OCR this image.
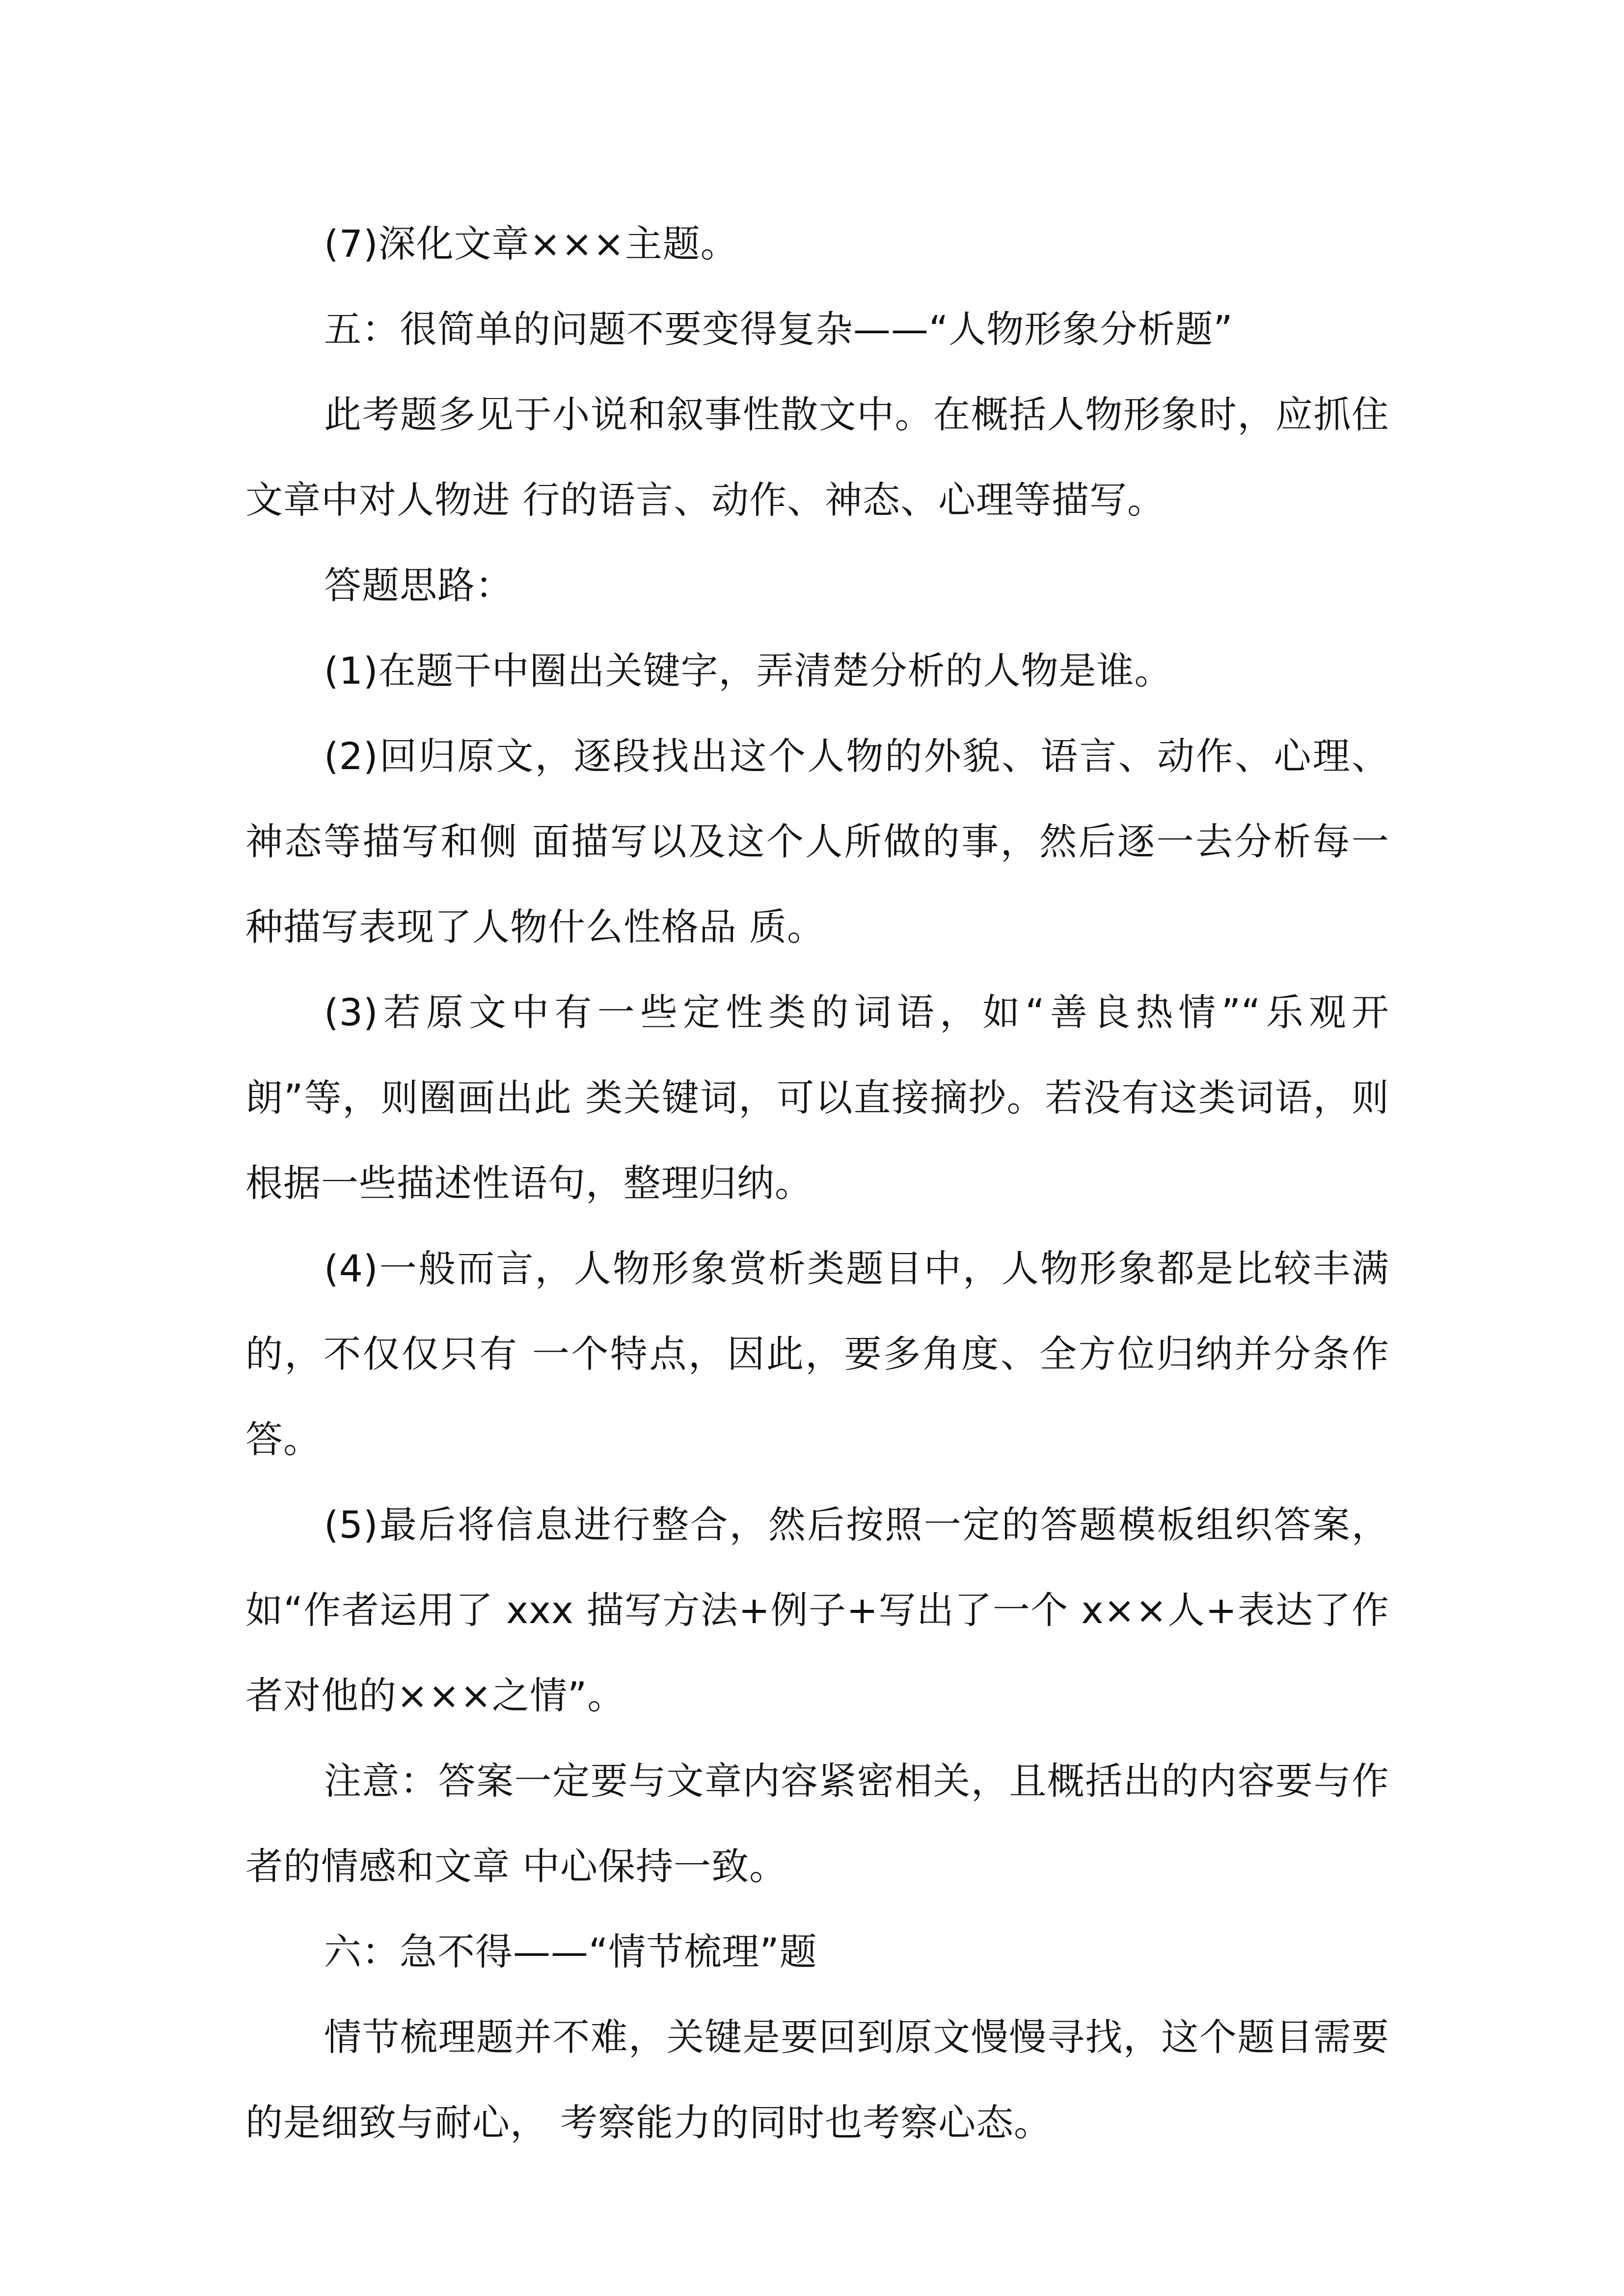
(7)深化文章×××主题。

五：很简单的问题不要变得复杂——“人物形象分析题”

此考题多见于小说和叙事性散文中。在概括人物形象时，应抓住文章中对人物进 行的语言、动作、神态、心理等描写。

答题思路：

(1)在题干中圈出关键字，弄清楚分析的人物是谁。

(2)回归原文，逐段找出这个人物的外貌、语言、动作、心理、神态等描写和侧 面描写以及这个人所做的事，然后逐一去分析每一种描写表现了人物什么性格品 质。

(3)若原文中有一些定性类的词语，如“善良热情”“乐观开朗”等，则圈画出此 类关键词，可以直接摘抄。若没有这类词语，则根据一些描述性语句，整理归纳。

(4)一般而言，人物形象赏析类题目中，人物形象都是比较丰满的，不仅仅只有 一个特点，因此，要多角度、全方位归纳并分条作答。

(5)最后将信息进行整合，然后按照一定的答题模板组织答案，如“作者运用了 xxx 描写方法+例子+写出了一个 x××人+表达了作者对他的×××之情”。

注意：答案一定要与文章内容紧密相关，且概括出的内容要与作者的情感和文章 中心保持一致。

六：急不得——“情节梳理”题

情节梳理题并不难，关键是要回到原文慢慢寻找，这个题目需要的是细致与耐心， 考察能力的同时也考察心态。
